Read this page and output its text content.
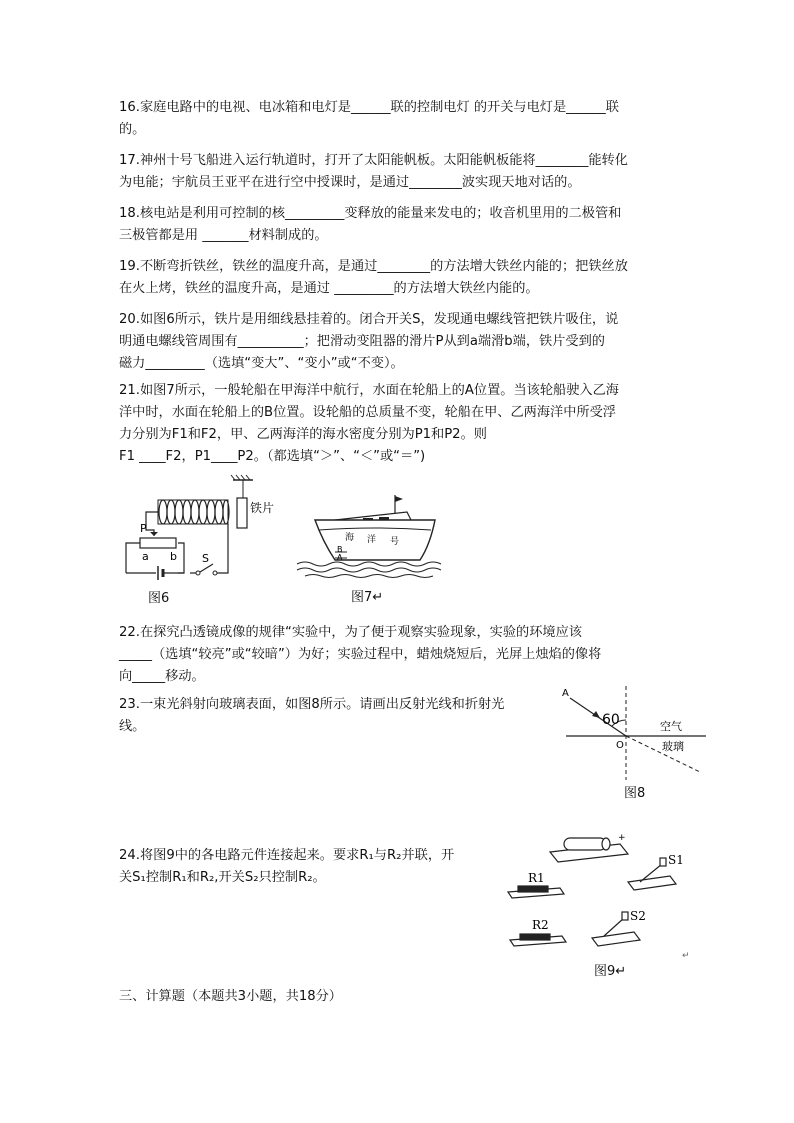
16.家庭电路中的电视、电冰箱和电灯是______联的控制电灯 的开关与电灯是______联

的。

17.神州十号飞船进入运行轨道时，打开了太阳能帆板。太阳能帆板能将________能转化

为电能；宇航员王亚平在进行空中授课时，是通过________波实现天地对话的。

18.核电站是利用可控制的核_________变释放的能量来发电的；收音机里用的二极管和

三极管都是用 _______材料制成的。

19.不断弯折铁丝，铁丝的温度升高，是通过________的方法增大铁丝内能的；把铁丝放

在火上烤，铁丝的温度升高，是通过 _________的方法增大铁丝内能的。

20.如图6所示，铁片是用细线悬挂着的。闭合开关S，发现通电螺线管把铁片吸住，说

明通电螺线管周围有__________；把滑动变阻器的滑片P从到a端滑b端，铁片受到的

磁力_________（选填“变大”、“变小”或“不变）。

21.如图7所示，一般轮船在甲海洋中航行，水面在轮船上的A位置。当该轮船驶入乙海

洋中时，水面在轮船上的B位置。设轮船的总质量不变，轮船在甲、乙两海洋中所受浮

力分别为F1和F2，甲、乙两海洋的海水密度分别为P1和P2。则

F1 ____F2，P1____P2。（都选填“＞”、“＜”或“＝”)

铁片
P
a b S
图6
海 洋 号
B
A
图7↵

22.在探究凸透镜成像的规律“实验中，为了便于观察实验现象，实验的环境应该

_____（选填“较亮”或“较暗”）为好；实验过程中，蜡烛烧短后，光屏上烛焰的像将

向_____移动。

23.一束光斜射向玻璃表面，如图8所示。请画出反射光线和折射光

线。

A
60
O
空气
玻璃
图8

24.将图9中的各电路元件连接起来。要求R₁与R₂并联，开

关S₁控制R₁和R₂,开关S₂只控制R₂。

+
S1
R1
R2
S2
↵
图9↵
三、计算题（本题共3小题，共18分）
